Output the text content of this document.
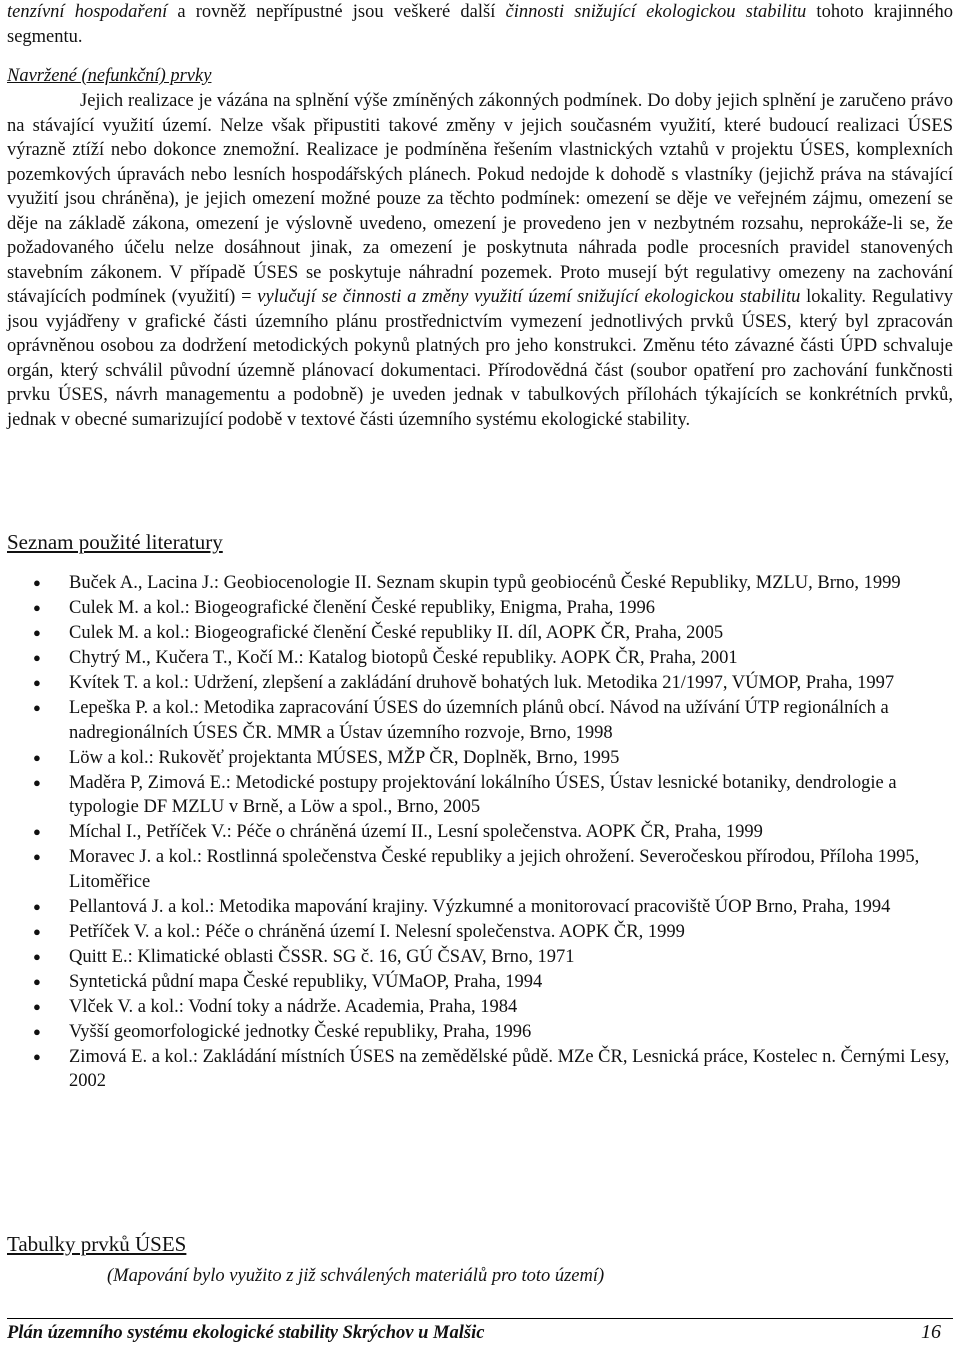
tenzívní hospodaření a rovněž nepřípustné jsou veškeré další činnosti snižující ekologickou stabilitu tohoto krajinného segmentu.

Navržené (nefunkční) prvky

Jejich realizace je vázána na splnění výše zmíněných zákonných podmínek. Do doby jejich splnění je zaručeno právo na stávající využití území. Nelze však připustiti takové změny v jejich současném využití, které budoucí realizaci ÚSES výrazně ztíží nebo dokonce znemožní. Realizace je podmíněna řešením vlastnických vztahů v projektu ÚSES, komplexních pozemkových úpravách nebo lesních hospodářských plánech. Pokud nedojde k dohodě s vlastníky (jejichž práva na stávající využití jsou chráněna), je jejich omezení možné pouze za těchto podmínek: omezení se děje ve veřejném zájmu, omezení se děje na základě zákona, omezení je výslovně uvedeno, omezení je provedeno jen v nezbytném rozsahu, neprokáže-li se, že požadovaného účelu nelze dosáhnout jinak, za omezení je poskytnuta náhrada podle procesních pravidel stanovených stavebním zákonem. V případě ÚSES se poskytuje náhradní pozemek. Proto musejí být regulativy omezeny na zachování stávajících podmínek (využití) = vylučují se činnosti a změny využití území snižující ekologickou stabilitu lokality. Regulativy jsou vyjádřeny v grafické části územního plánu prostřednictvím vymezení jednotlivých prvků ÚSES, který byl zpracován oprávněnou osobou za dodržení metodických pokynů platných pro jeho konstrukci. Změnu této závazné části ÚPD schvaluje orgán, který schválil původní územně plánovací dokumentaci. Přírodovědná část (soubor opatření pro zachování funkčnosti prvku ÚSES, návrh managementu a podobně) je uveden jednak v tabulkových přílohách týkajících se konkrétních prvků, jednak v obecné sumarizující podobě v textové části územního systému ekologické stability.

Seznam použité literatury
● Buček A., Lacina J.: Geobiocenologie II. Seznam skupin typů geobiocénů České Republiky, MZLU, Brno, 1999
● Culek M. a kol.: Biogeografické členění České republiky, Enigma, Praha, 1996
● Culek M. a kol.: Biogeografické členění České republiky II. díl, AOPK ČR, Praha, 2005
● Chytrý M., Kučera T., Kočí M.: Katalog biotopů České republiky. AOPK ČR, Praha, 2001
● Kvítek T. a kol.: Udržení, zlepšení a zakládání druhově bohatých luk. Metodika 21/1997, VÚMOP, Praha, 1997
● Lepeška P. a kol.: Metodika zapracování ÚSES do územních plánů obcí. Návod na užívání ÚTP regionálních a nadregionálních ÚSES ČR. MMR a Ústav územního rozvoje, Brno, 1998
● Löw a kol.: Rukověť projektanta MÚSES, MŽP ČR, Doplněk, Brno, 1995
● Maděra P, Zimová E.: Metodické postupy projektování lokálního ÚSES, Ústav lesnické botaniky, dendrologie a typologie DF MZLU v Brně, a Löw a spol., Brno, 2005
● Míchal I., Petříček V.: Péče o chráněná území II., Lesní společenstva. AOPK ČR, Praha, 1999
● Moravec J. a kol.: Rostlinná společenstva České republiky a jejich ohrožení. Severočeskou přírodou, Příloha 1995, Litoměřice
● Pellantová J. a kol.: Metodika mapování krajiny. Výzkumné a monitorovací pracoviště ÚOP Brno, Praha, 1994
● Petříček V. a kol.: Péče o chráněná území I. Nelesní společenstva. AOPK ČR, 1999
● Quitt E.: Klimatické oblasti ČSSR. SG č. 16, GÚ ČSAV, Brno, 1971
● Syntetická půdní mapa České republiky, VÚMaOP, Praha, 1994
● Vlček V. a kol.: Vodní toky a nádrže. Academia, Praha, 1984
● Vyšší geomorfologické jednotky České republiky, Praha, 1996
● Zimová E. a kol.: Zakládání místních ÚSES na zemědělské půdě. MZe ČR, Lesnická práce, Kostelec n. Černými Lesy, 2002
Tabulky prvků ÚSES
(Mapování bylo využito z již schválených materiálů pro toto území)
Plán územního systému ekologické stability Skrýchov u Malšic	16
